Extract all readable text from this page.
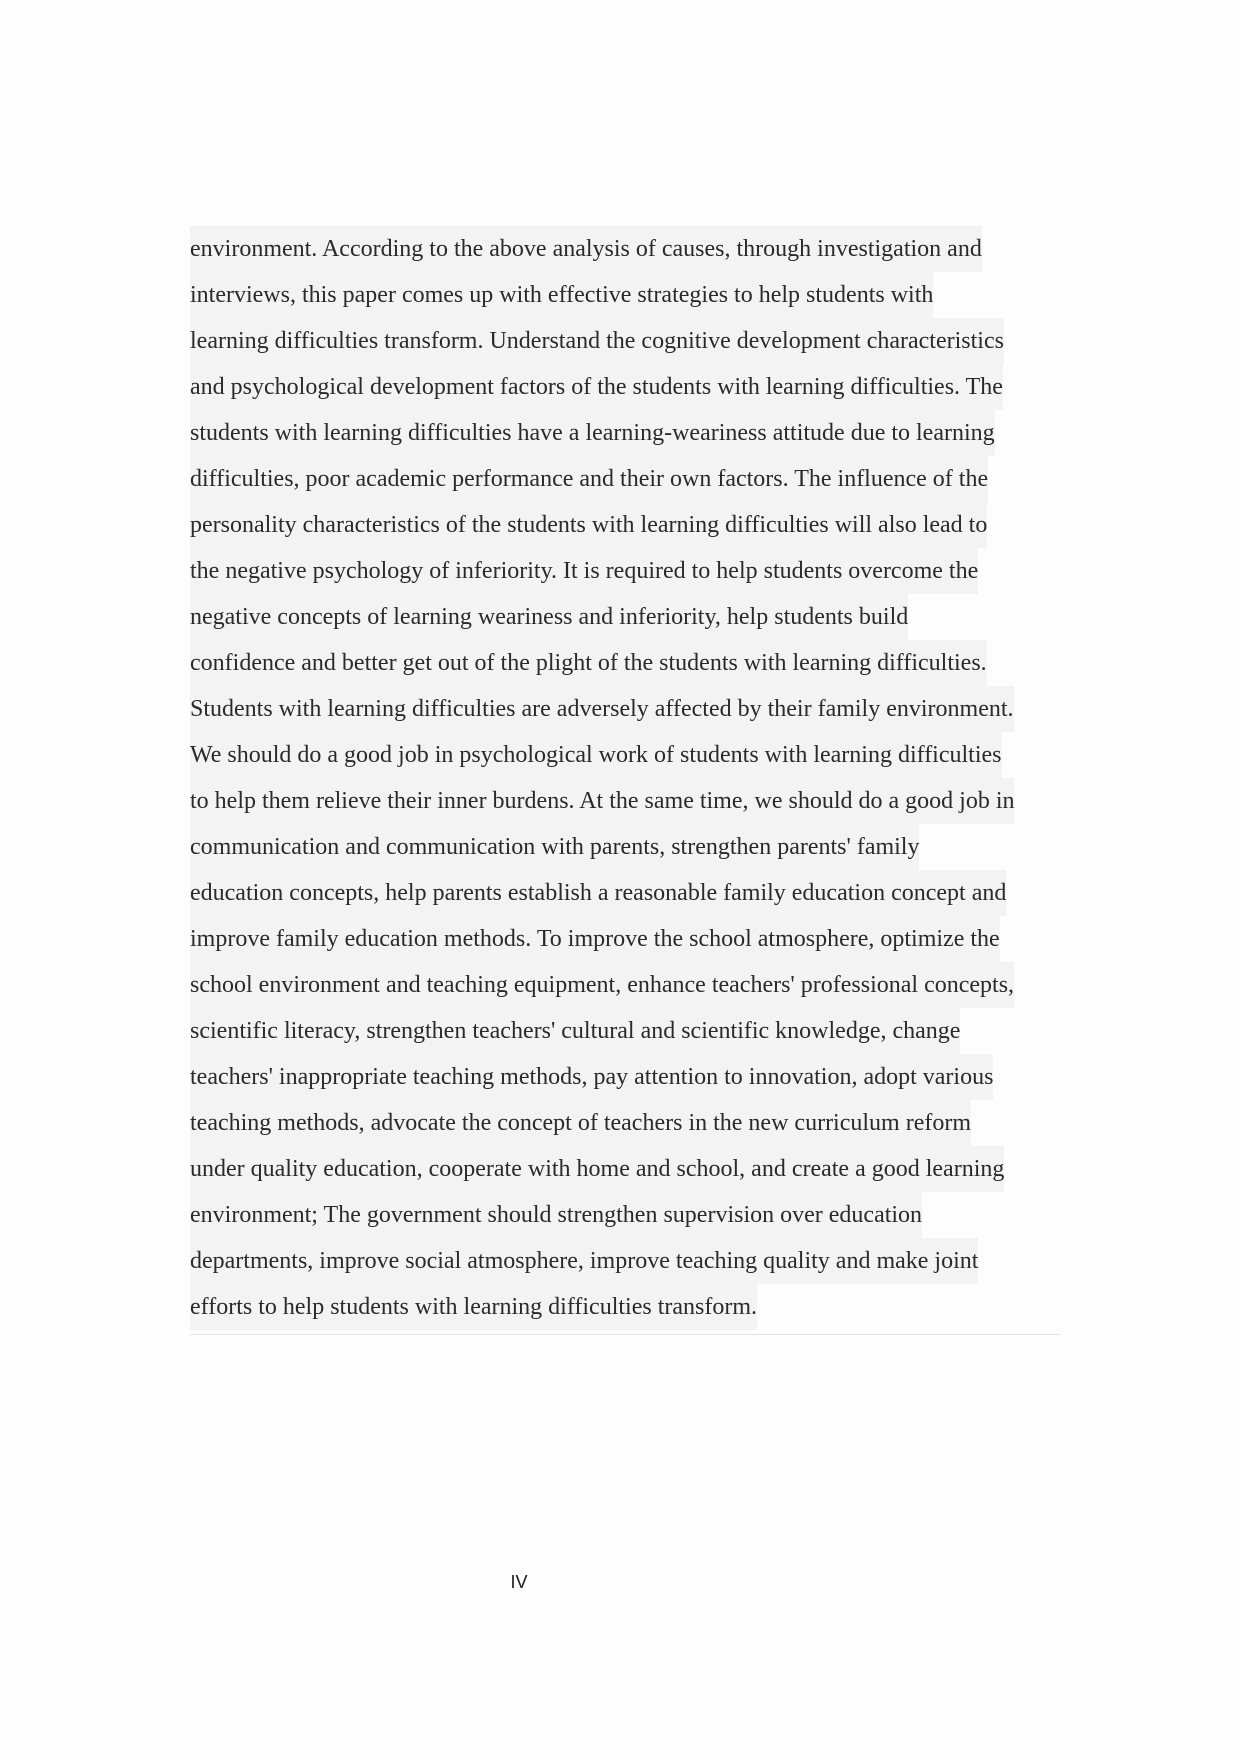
environment. According to the above analysis of causes, through investigation and
interviews, this paper comes up with effective strategies to help students with
learning difficulties transform. Understand the cognitive development characteristics
and psychological development factors of the students with learning difficulties. The
students with learning difficulties have a learning-weariness attitude due to learning
difficulties, poor academic performance and their own factors. The influence of the
personality characteristics of the students with learning difficulties will also lead to
the negative psychology of inferiority. It is required to help students overcome the
negative concepts of learning weariness and inferiority, help students build
confidence and better get out of the plight of the students with learning difficulties.
Students with learning difficulties are adversely affected by their family environment.
We should do a good job in psychological work of students with learning difficulties
to help them relieve their inner burdens. At the same time, we should do a good job in
communication and communication with parents, strengthen parents' family
education concepts, help parents establish a reasonable family education concept and
improve family education methods. To improve the school atmosphere, optimize the
school environment and teaching equipment, enhance teachers' professional concepts,
scientific literacy, strengthen teachers' cultural and scientific knowledge, change
teachers' inappropriate teaching methods, pay attention to innovation, adopt various
teaching methods, advocate the concept of teachers in the new curriculum reform
under quality education, cooperate with home and school, and create a good learning
environment; The government should strengthen supervision over education
departments, improve social atmosphere, improve teaching quality and make joint
efforts to help students with learning difficulties transform.
IV
